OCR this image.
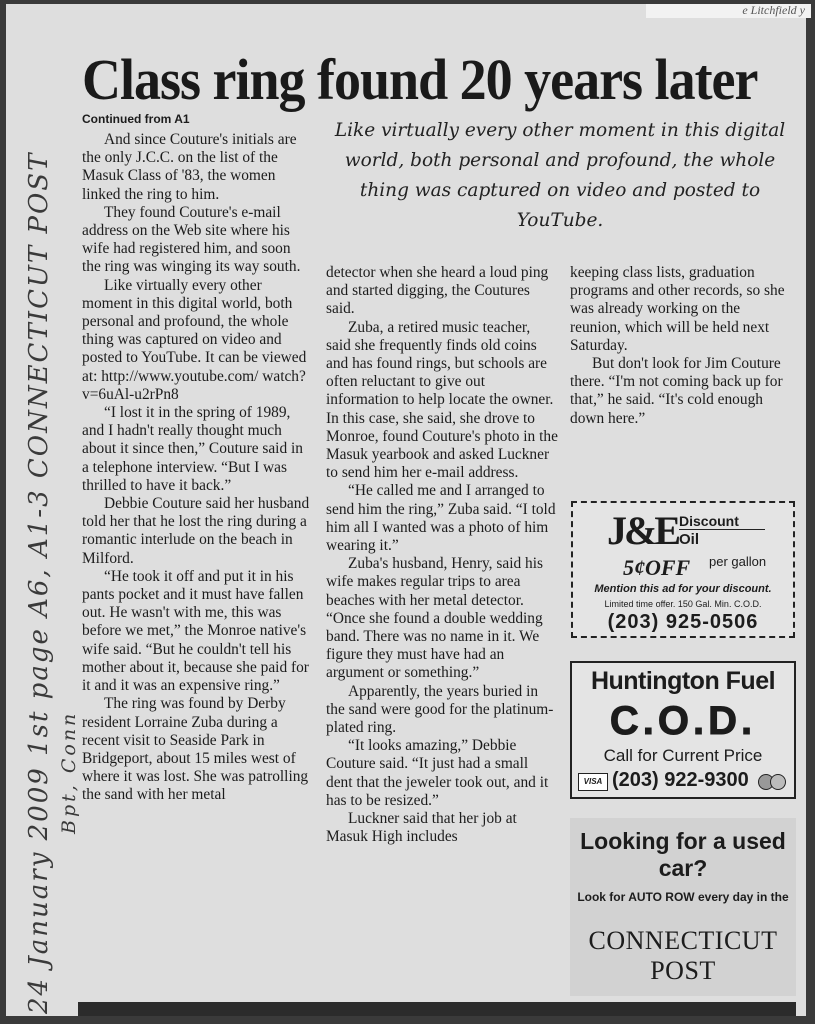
e Litchfield y
24 January 2009 1st page A6, A1-3 CONNECTICUT POST Bpt, Conn
Class ring found 20 years later
Continued from A1

And since Couture's initials are the only J.C.C. on the list of the Masuk Class of '83, the women linked the ring to him.

They found Couture's e-mail address on the Web site where his wife had registered him, and soon the ring was winging its way south.

Like virtually every other moment in this digital world, both personal and profound, the whole thing was captured on video and posted to YouTube. It can be viewed at: http://www.youtube.com/ watch?v=6uAl-u2rPn8

“I lost it in the spring of 1989, and I hadn't really thought much about it since then,” Couture said in a telephone interview. “But I was thrilled to have it back.”

Debbie Couture said her husband told her that he lost the ring during a romantic interlude on the beach in Milford.

“He took it off and put it in his pants pocket and it must have fallen out. He wasn't with me, this was before we met,” the Monroe native's wife said. “But he couldn't tell his mother about it, because she paid for it and it was an expensive ring.”

The ring was found by Derby resident Lorraine Zuba during a recent visit to Seaside Park in Bridgeport, about 15 miles west of where it was lost. She was patrolling the sand with her metal

Like virtually every other moment in this digital world, both personal and profound, the whole thing was captured on video and posted to YouTube.

detector when she heard a loud ping and started digging, the Coutures said.

Zuba, a retired music teacher, said she frequently finds old coins and has found rings, but schools are often reluctant to give out information to help locate the owner. In this case, she said, she drove to Monroe, found Couture's photo in the Masuk yearbook and asked Luckner to send him her e-mail address.

“He called me and I arranged to send him the ring,” Zuba said. “I told him all I wanted was a photo of him wearing it.”

Zuba's husband, Henry, said his wife makes regular trips to area beaches with her metal detector. “Once she found a double wedding band. There was no name in it. We figure they must have had an argument or something.”

Apparently, the years buried in the sand were good for the platinum-plated ring.

“It looks amazing,” Debbie Couture said. “It just had a small dent that the jeweler took out, and it has to be resized.”

Luckner said that her job at Masuk High includes

keeping class lists, graduation programs and other records, so she was already working on the reunion, which will be held next Saturday.

But don't look for Jim Couture there. “I'm not coming back up for that,” he said. “It's cold enough down here.”

J&E Discount
Oil
5¢OFF per gallon
Mention this ad for your discount.
Limited time offer. 150 Gal. Min. C.O.D.
(203) 925-0506
Huntington Fuel
C.O.D.
Call for Current Price
VISA (203) 922-9300
Looking for a used car?
Look for AUTO ROW every day in the
CONNECTICUT POST
